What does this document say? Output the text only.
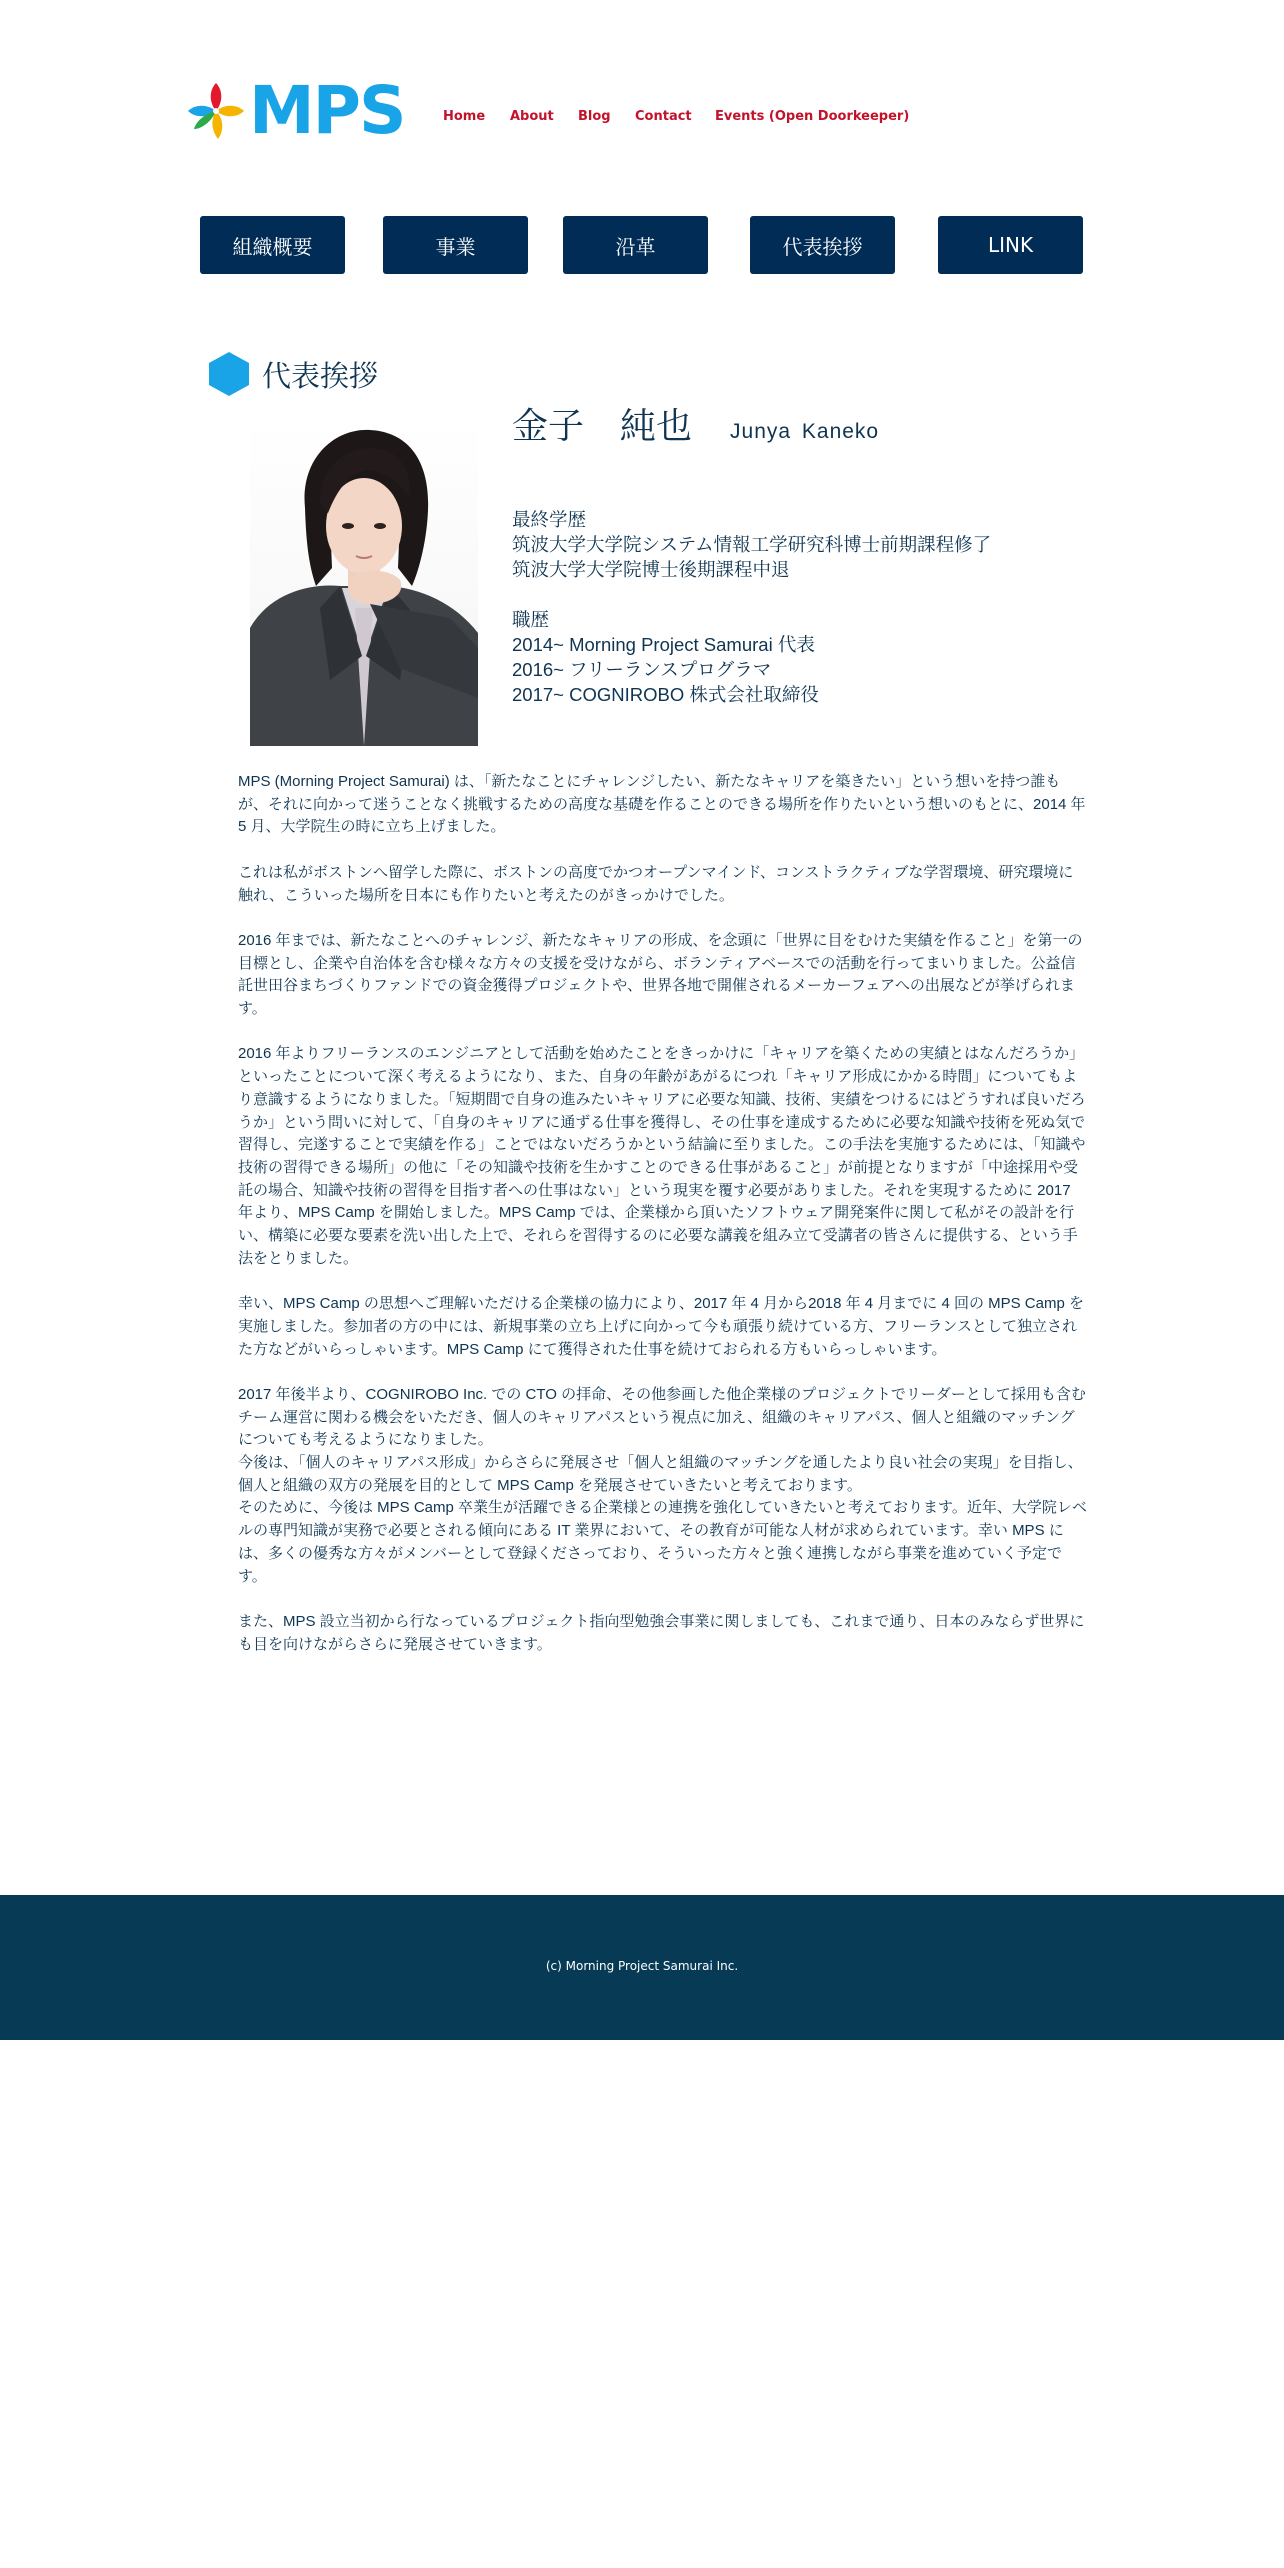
MPS	Home About Blog Contact Events (Open Doorkeeper)
組織概要	事業	沿革	代表挨拶	LINK
代表挨拶
金子　純也 Junya Kaneko
最終学歴
筑波大学大学院システム情報工学研究科博士前期課程修了
筑波大学大学院博士後期課程中退
職歴
2014~ Morning Project Samurai 代表
2016~ フリーランスプログラマ
2017~ COGNIROBO 株式会社取締役

MPS (Morning Project Samurai) は、「新たなことにチャレンジしたい、新たなキャリアを築きたい」という想いを持つ誰もが、それに向かって迷うことなく挑戦するための高度な基礎を作ることのできる場所を作りたいという想いのもとに、2014 年 5 月、大学院生の時に立ち上げました。

これは私がボストンへ留学した際に、ボストンの高度でかつオープンマインド、コンストラクティブな学習環境、研究環境に触れ、こういった場所を日本にも作りたいと考えたのがきっかけでした。

2016 年までは、新たなことへのチャレンジ、新たなキャリアの形成、を念頭に「世界に目をむけた実績を作ること」を第一の目標とし、企業や自治体を含む様々な方々の支援を受けながら、ボランティアベースでの活動を行ってまいりました。公益信託世田谷まちづくりファンドでの資金獲得プロジェクトや、世界各地で開催されるメーカーフェアへの出展などが挙げられます。

2016 年よりフリーランスのエンジニアとして活動を始めたことをきっかけに「キャリアを築くための実績とはなんだろうか」といったことについて深く考えるようになり、また、自身の年齢があがるにつれ「キャリア形成にかかる時間」についてもより意識するようになりました。「短期間で自身の進みたいキャリアに必要な知識、技術、実績をつけるにはどうすれば良いだろうか」という問いに対して、「自身のキャリアに通ずる仕事を獲得し、その仕事を達成するために必要な知識や技術を死ぬ気で習得し、完遂することで実績を作る」ことではないだろうかという結論に至りました。この手法を実施するためには、「知識や技術の習得できる場所」の他に「その知識や技術を生かすことのできる仕事があること」が前提となりますが「中途採用や受託の場合、知識や技術の習得を目指す者への仕事はない」という現実を覆す必要がありました。それを実現するために 2017 年より、MPS Camp を開始しました。MPS Camp では、企業様から頂いたソフトウェア開発案件に関して私がその設計を行い、構築に必要な要素を洗い出した上で、それらを習得するのに必要な講義を組み立て受講者の皆さんに提供する、という手法をとりました。

幸い、MPS Camp の思想へご理解いただける企業様の協力により、2017 年 4 月から2018 年 4 月までに 4 回の MPS Camp を実施しました。参加者の方の中には、新規事業の立ち上げに向かって今も頑張り続けている方、フリーランスとして独立された方などがいらっしゃいます。MPS Camp にて獲得された仕事を続けておられる方もいらっしゃいます。

2017 年後半より、COGNIROBO Inc. での CTO の拝命、その他参画した他企業様のプロジェクトでリーダーとして採用も含むチーム運営に関わる機会をいただき、個人のキャリアパスという視点に加え、組織のキャリアパス、個人と組織のマッチングについても考えるようになりました。
今後は、「個人のキャリアパス形成」からさらに発展させ「個人と組織のマッチングを通したより良い社会の実現」を目指し、個人と組織の双方の発展を目的として MPS Camp を発展させていきたいと考えております。
そのために、今後は MPS Camp 卒業生が活躍できる企業様との連携を強化していきたいと考えております。近年、大学院レベルの専門知識が実務で必要とされる傾向にある IT 業界において、その教育が可能な人材が求められています。幸い MPS には、多くの優秀な方々がメンバーとして登録くださっており、そういった方々と強く連携しながら事業を進めていく予定です。

また、MPS 設立当初から行なっているプロジェクト指向型勉強会事業に関しましても、これまで通り、日本のみならず世界にも目を向けながらさらに発展させていきます。

(c) Morning Project Samurai Inc.
